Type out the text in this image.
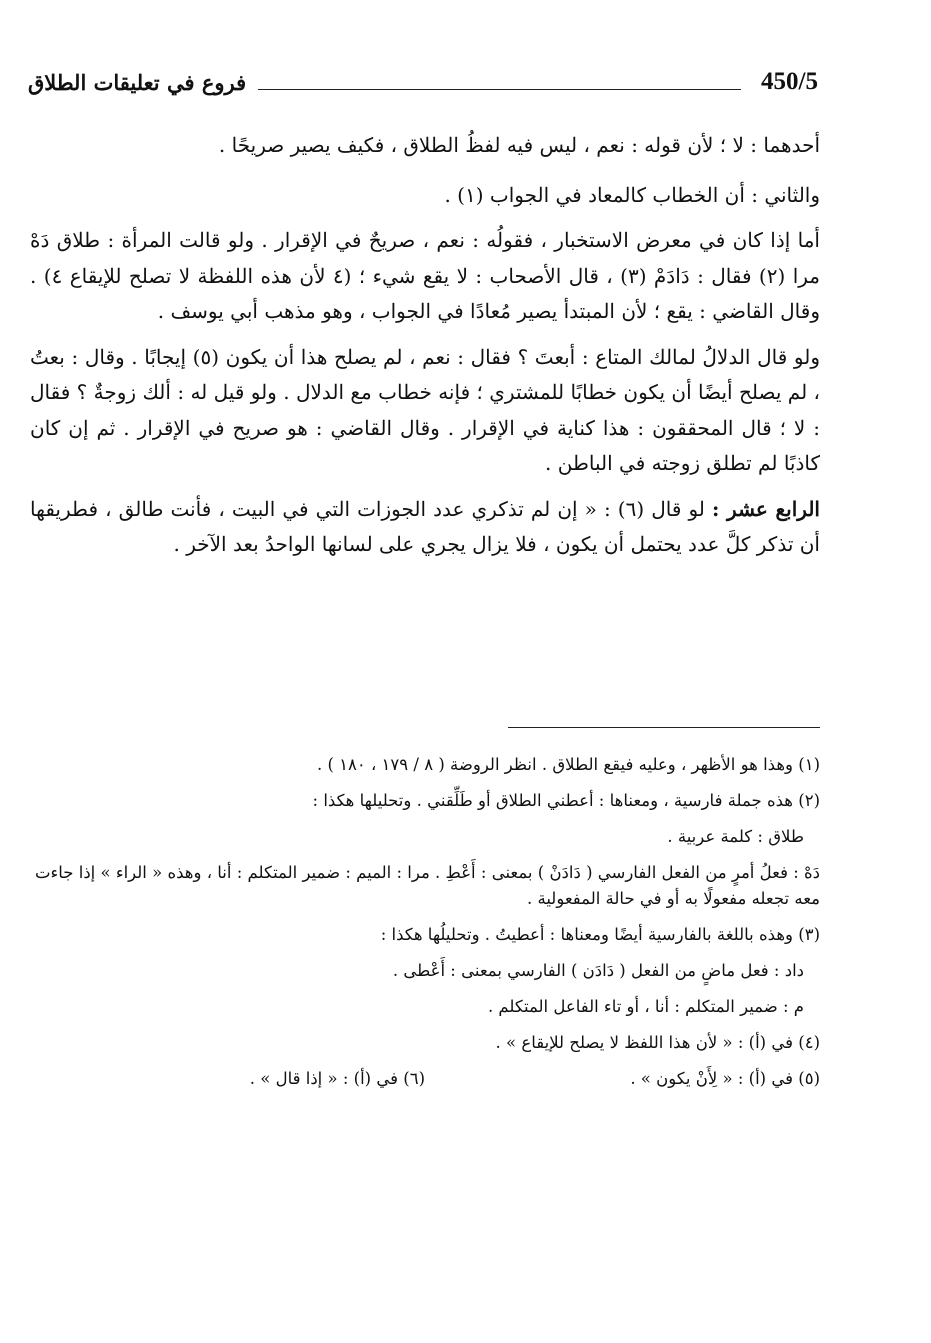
450/5
فروع في تعليقات الطلاق

أحدهما : لا ؛ لأن قوله : نعم ، ليس فيه لفظُ الطلاق ، فكيف يصير صريحًا .

والثاني : أن الخطاب كالمعاد في الجواب (١) .

أما إذا كان في معرض الاستخبار ، فقولُه : نعم ، صريحٌ في الإقرار . ولو قالت المرأة : طلاق دَهْ مرا (٢) فقال : دَادَمْ (٣) ، قال الأصحاب : لا يقع شيء ؛ (٤ لأن هذه اللفظة لا تصلح للإيقاع ٤) . وقال القاضي : يقع ؛ لأن المبتدأ يصير مُعادًا في الجواب ، وهو مذهب أبي يوسف .

ولو قال الدلالُ لمالك المتاع : أبعتَ ؟ فقال : نعم ، لم يصلح هذا أن يكون (٥) إيجابًا . وقال : بعتُ ، لم يصلح أيضًا أن يكون خطابًا للمشتري ؛ فإنه خطاب مع الدلال . ولو قيل له : ألك زوجةٌ ؟ فقال : لا ؛ قال المحققون : هذا كناية في الإقرار . وقال القاضي : هو صريح في الإقرار . ثم إن كان كاذبًا لم تطلق زوجته في الباطن .

الرابع عشر : لو قال (٦) : « إن لم تذكري عدد الجوزات التي في البيت ، فأنت طالق ، فطريقها أن تذكر كلَّ عدد يحتمل أن يكون ، فلا يزال يجري على لسانها الواحدُ بعد الآخر .

(١) وهذا هو الأظهر ، وعليه فيقع الطلاق . انظر الروضة ( ٨ / ١٧٩ ، ١٨٠ ) .

(٢) هذه جملة فارسية ، ومعناها : أعطني الطلاق أو طَلِّقني . وتحليلها هكذا :

طلاق : كلمة عربية .

دَهْ : فعلُ أمرٍ من الفعل الفارسي ( دَادَنْ ) بمعنى : أَعْطِ . مرا : الميم : ضمير المتكلم : أنا ، وهذه « الراء » إذا جاءت معه تجعله مفعولًا به أو في حالة المفعولية .

(٣) وهذه باللغة بالفارسية أيضًا ومعناها : أعطيتُ . وتحليلُها هكذا :

داد : فعل ماضٍ من الفعل ( دَادَن ) الفارسي بمعنى : أَعْطى .

م : ضمير المتكلم : أنا ، أو تاء الفاعل المتكلم .

(٤) في (أ) : « لأن هذا اللفظ لا يصلح للإيقاع » .

(٥) في (أ) : « لِأَنْ يكون » .

(٦) في (أ) : « إذا قال » .
